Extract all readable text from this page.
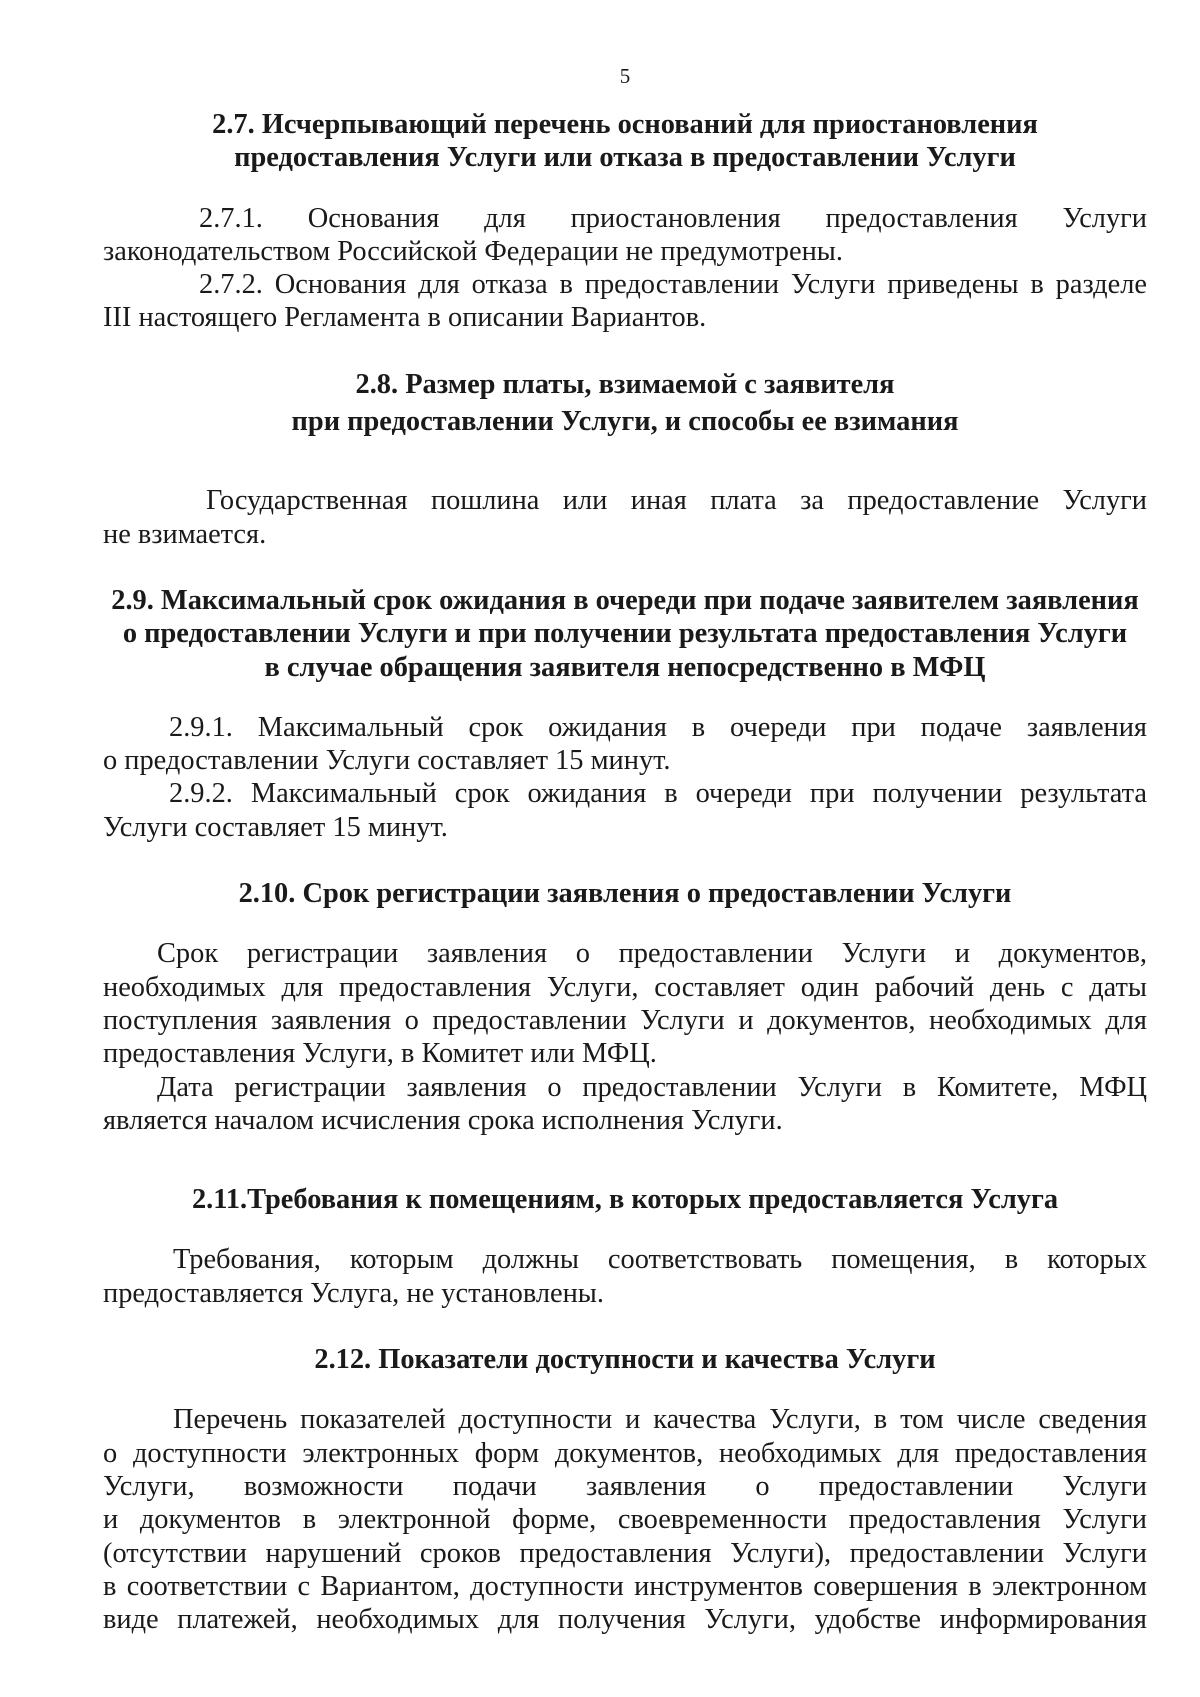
5
2.7. Исчерпывающий перечень оснований для приостановления
предоставления Услуги или отказа в предоставлении Услуги
2.7.1. Основания для приостановления предоставления Услуги
законодательством Российской Федерации не предумотрены.
2.7.2. Основания для отказа в предоставлении Услуги приведены в разделе
III настоящего Регламента в описании Вариантов.
2.8. Размер платы, взимаемой с заявителя
при предоставлении Услуги, и способы ее взимания
Государственная пошлина или иная плата за предоставление Услуги
не взимается.
2.9. Максимальный срок ожидания в очереди при подаче заявителем заявления
о предоставлении Услуги и при получении результата предоставления Услуги
в случае обращения заявителя непосредственно в МФЦ
2.9.1. Максимальный срок ожидания в очереди при подаче заявления
о предоставлении Услуги составляет 15 минут.
2.9.2. Максимальный срок ожидания в очереди при получении результата
Услуги составляет 15 минут.
2.10. Срок регистрации заявления о предоставлении Услуги
Срок регистрации заявления о предоставлении Услуги и документов,
необходимых для предоставления Услуги, составляет один рабочий день с даты
поступления заявления о предоставлении Услуги и документов, необходимых для
предоставления Услуги, в Комитет или МФЦ.
Дата регистрации заявления о предоставлении Услуги в Комитете, МФЦ
является началом исчисления срока исполнения Услуги.
2.11.Требования к помещениям, в которых предоставляется Услуга
Требования, которым должны соответствовать помещения, в которых
предоставляется Услуга, не установлены.
2.12. Показатели доступности и качества Услуги
Перечень показателей доступности и качества Услуги, в том числе сведения
о доступности электронных форм документов, необходимых для предоставления
Услуги, возможности подачи заявления о предоставлении Услуги
и документов в электронной форме, своевременности предоставления Услуги
(отсутствии нарушений сроков предоставления Услуги), предоставлении Услуги
в соответствии с Вариантом, доступности инструментов совершения в электронном
виде платежей, необходимых для получения Услуги, удобстве информирования
